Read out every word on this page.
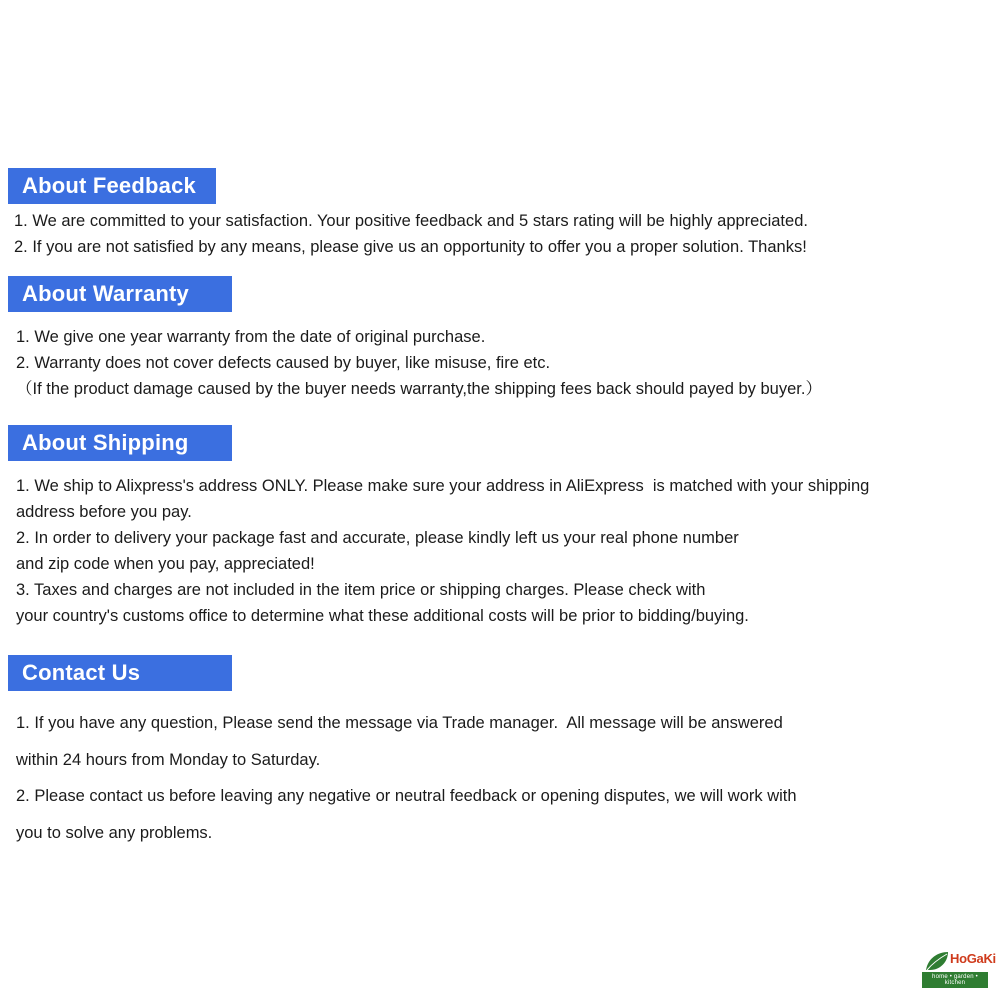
About Feedback
1. We are committed to your satisfaction. Your positive feedback and 5 stars rating will be highly appreciated.
2. If you are not satisfied by any means, please give us an opportunity to offer you a proper solution. Thanks!
About Warranty
1. We give one year warranty from the date of original purchase.
2. Warranty does not cover defects caused by buyer, like misuse, fire etc.
（If the product damage caused by the buyer needs warranty,the shipping fees back should payed by buyer.）
About Shipping
1. We ship to Alixpress's address ONLY. Please make sure your address in AliExpress  is matched with your shipping
address before you pay.
2. In order to delivery your package fast and accurate, please kindly left us your real phone number
and zip code when you pay, appreciated!
3. Taxes and charges are not included in the item price or shipping charges. Please check with
your country's customs office to determine what these additional costs will be prior to bidding/buying.
Contact Us
1. If you have any question, Please send the message via Trade manager.  All message will be answered
within 24 hours from Monday to Saturday.
2. Please contact us before leaving any negative or neutral feedback or opening disputes, we will work with
you to solve any problems.
HoGaKi
home • garden • kitchen
